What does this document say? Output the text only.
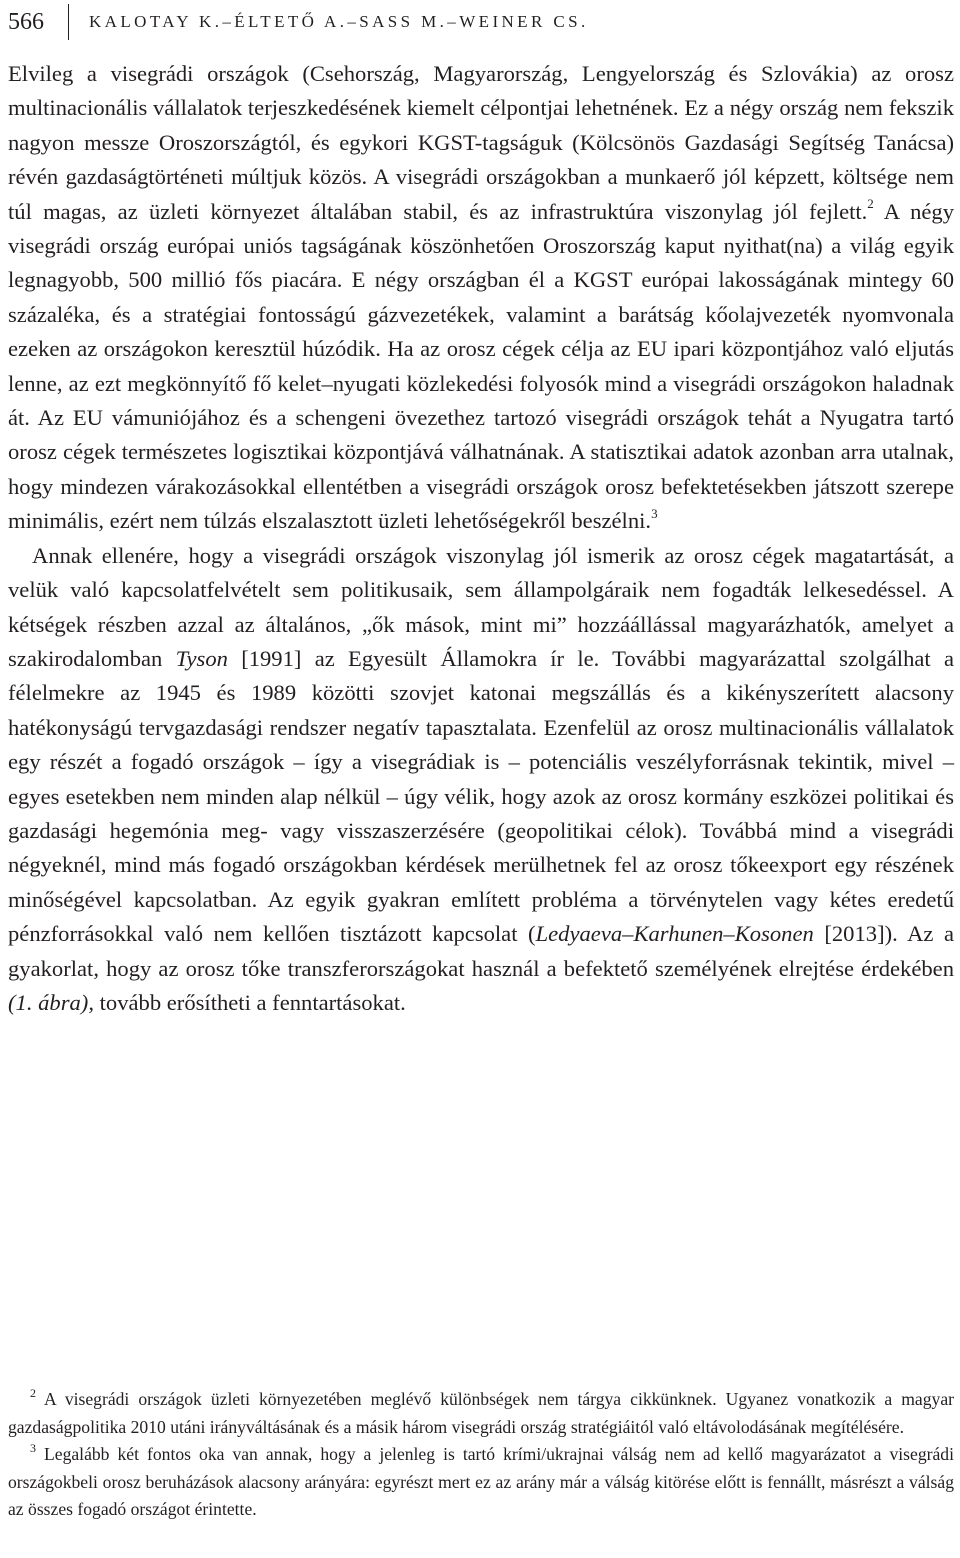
566	KALOTAY K.–ÉLTETŐ A.–SASS M.–WEINER CS.

Elvileg a visegrádi országok (Csehország, Magyarország, Lengyelország és Szlovákia) az orosz multinacionális vállalatok terjeszkedésének kiemelt célpontjai lehetnének. Ez a négy ország nem fekszik nagyon messze Oroszországtól, és egykori KGST-tagságuk (Kölcsönös Gazdasági Segítség Tanácsa) révén gazdaságtörténeti múltjuk közös. A visegrádi országokban a munkaerő jól képzett, költsége nem túl magas, az üzleti környezet általában stabil, és az infrastruktúra viszonylag jól fejlett.$^2$ A négy visegrádi ország európai uniós tagságának köszönhetően Oroszország kaput nyithat(na) a világ egyik legnagyobb, 500 millió fős piacára. E négy országban él a KGST európai lakosságának mintegy 60 százaléka, és a stratégiai fontosságú gázvezetékek, valamint a barátság kőolajvezeték nyomvonala ezeken az országokon keresztül húzódik. Ha az orosz cégek célja az EU ipari központjához való eljutás lenne, az ezt megkönnyítő fő kelet–nyugati közlekedési folyosók mind a visegrádi országokon haladnak át. Az EU vámuniójához és a schengeni övezethez tartozó visegrádi országok tehát a Nyugatra tartó orosz cégek természetes logisztikai központjává válhatnának. A statisztikai adatok azonban arra utalnak, hogy mindezen várakozásokkal ellentétben a visegrádi országok orosz befektetésekben játszott szerepe minimális, ezért nem túlzás elszalasztott üzleti lehetőségekről beszélni.$^3$

Annak ellenére, hogy a visegrádi országok viszonylag jól ismerik az orosz cégek magatartását, a velük való kapcsolatfelvételt sem politikusaik, sem állampolgáraik nem fogadták lelkesedéssel. A kétségek részben azzal az általános, „ők mások, mint mi” hozzáállással magyarázhatók, amelyet a szakirodalomban Tyson [1991] az Egyesült Államokra ír le. További magyarázattal szolgálhat a félelmekre az 1945 és 1989 közötti szovjet katonai megszállás és a kikényszerített alacsony hatékonyságú tervgazdasági rendszer negatív tapasztalata. Ezenfelül az orosz multinacionális vállalatok egy részét a fogadó országok – így a visegrádiak is – potenciális veszélyforrásnak tekintik, mivel – egyes esetekben nem minden alap nélkül – úgy vélik, hogy azok az orosz kormány eszközei politikai és gazdasági hegemónia meg- vagy visszaszerzésére (geopolitikai célok). Továbbá mind a visegrádi négyeknél, mind más fogadó országokban kérdések merülhetnek fel az orosz tőkeexport egy részének minőségével kapcsolatban. Az egyik gyakran említett probléma a törvénytelen vagy kétes eredetű pénzforrásokkal való nem kellően tisztázott kapcsolat (Ledyaeva–Karhunen–Kosonen [2013]). Az a gyakorlat, hogy az orosz tőke transzferországokat használ a befektető személyének elrejtése érdekében (1. ábra), tovább erősítheti a fenntartásokat.

$^2$ A visegrádi országok üzleti környezetében meglévő különbségek nem tárgya cikkünknek. Ugyanez vonatkozik a magyar gazdaságpolitika 2010 utáni irányváltásának és a másik három visegrádi ország stratégiáitól való eltávolodásának megítélésére.

$^3$ Legalább két fontos oka van annak, hogy a jelenleg is tartó krími/ukrajnai válság nem ad kellő magyarázatot a visegrádi országokbeli orosz beruházások alacsony arányára: egyrészt mert ez az arány már a válság kitörése előtt is fennállt, másrészt a válság az összes fogadó országot érintette.
